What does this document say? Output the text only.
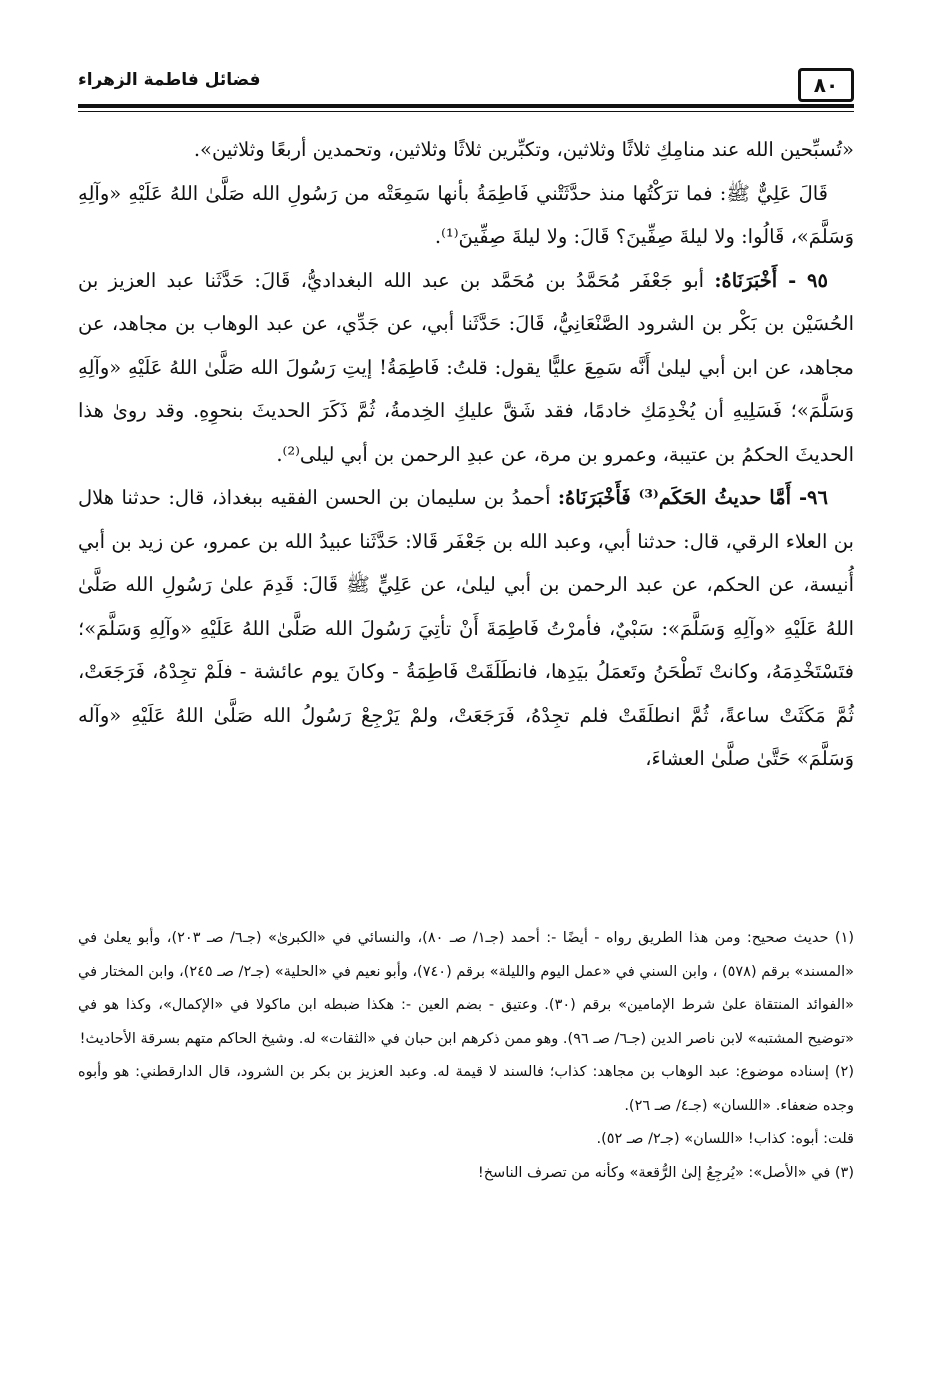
٨٠
فضائل فاطمة الزهراء

«تُسبِّحين الله عند منامِكِ ثلاثًا وثلاثين، وتكبِّرين ثلاثًا وثلاثين، وتحمدين أربعًا وثلاثين».

قَالَ عَلِيٌّ ﷺ: فما ترَكْتُها منذ حدَّثَتْني فَاطِمَةُ بأنها سَمِعَتْه من رَسُولِ الله صَلَّىٰ اللهُ عَلَيْهِ «وآلِهِ وَسَلَّمَ»، قَالُوا: ولا ليلةَ صِفِّينَ؟ قَالَ: ولا ليلةَ صِفِّينَ⁽¹⁾.

٩٥ - أَخْبَرَنَاهُ: أبو جَعْفَر مُحَمَّدُ بن مُحَمَّد بن عبد الله البغداديُّ، قَالَ: حَدَّثَنا عبد العزيز بن الحُسَيْن بن بَكْر بن الشرود الصَّنْعَانِيُّ، قَالَ: حَدَّثَنا أبي، عن جَدِّي، عن عبد الوهاب بن مجاهد، عن مجاهد، عن ابن أبي ليلىٰ أَنَّه سَمِعَ عليًّا يقول: قلتُ: فَاطِمَةُ! إيتِ رَسُولَ الله صَلَّىٰ اللهُ عَلَيْهِ «وآلِهِ وَسَلَّمَ»؛ فَسَلِيهِ أن يُخْدِمَكِ خادمًا، فقد شَقَّ عليكِ الخِدمةُ، ثُمَّ ذَكَرَ الحديثَ بنحوِهِ. وقد روىٰ هذا الحديثَ الحكمُ بن عتيبة، وعمرو بن مرة، عن عبدِ الرحمن بن أبي ليلى⁽²⁾.

٩٦- أَمَّا حديثُ الحَكَم⁽³⁾ فَأَخْبَرَنَاهُ: أحمدُ بن سليمان بن الحسن الفقيه ببغداذ، قال: حدثنا هلال بن العلاء الرقي، قال: حدثنا أبي، وعبد الله بن جَعْفَر قَالا: حَدَّثَنا عبيدُ الله بن عمرو، عن زيد بن أبي أُنيسة، عن الحكم، عن عبد الرحمن بن أبي ليلىٰ، عن عَلِيٍّ ﷺ قَالَ: قَدِمَ علىٰ رَسُولِ الله صَلَّىٰ اللهُ عَلَيْهِ «وآلِهِ وَسَلَّمَ»: سَبْيٌ، فأمرْتُ فَاطِمَةَ أَنْ تأتِيَ رَسُولَ الله صَلَّىٰ اللهُ عَلَيْهِ «وآلِهِ وَسَلَّمَ»؛ فتَسْتَخْدِمَهُ، وكانتْ تَطْحَنُ وتَعمَلُ بيَدِها، فانطَلَقَتْ فَاطِمَةُ - وكانَ يوم عائشة - فلَمْ تجِدْهُ، فَرَجَعَتْ، ثُمَّ مَكَثَتْ ساعةً، ثُمَّ انطلَقَتْ فلم تجِدْهُ، فَرَجَعَتْ، ولمْ يَرْجِعْ رَسُولُ الله صَلَّىٰ اللهُ عَلَيْهِ «وآله وَسَلَّمَ» حَتَّىٰ صلَّىٰ العشاءَ،

(١) حديث صحيح: ومن هذا الطريق رواه - أيضًا -: أحمد (جـ١/ صـ ٨٠)، والنسائي في «الكبرىٰ» (جـ٦/ صـ ٢٠٣)، وأبو يعلىٰ في «المسند» برقم (٥٧٨) ، وابن السني في «عمل اليوم والليلة» برقم (٧٤٠)، وأبو نعيم في «الحلية» (جـ٢/ صـ ٢٤٥)، وابن المختار في «الفوائد المنتقاة علىٰ شرط الإمامين» برقم (٣٠). وعتيق - بضم العين -: هكذا ضبطه ابن ماكولا في «الإكمال»، وكذا هو في «توضيح المشتبه» لابن ناصر الدين (جـ٦/ صـ ٩٦). وهو ممن ذكرهم ابن حبان في «الثقات» له. وشيخ الحاكم متهم بسرقة الأحاديث!

(٢) إسناده موضوع: عبد الوهاب بن مجاهد: كذاب؛ فالسند لا قيمة له. وعبد العزيز بن بكر بن الشرود، قال الدارقطني: هو وأبوه وجده ضعفاء. «اللسان» (جـ٤/ صـ ٢٦).

قلت: أبوه: كذاب! «اللسان» (جـ٢/ صـ ٥٢).

(٣) في «الأصل»: «يُرجِعُ إلىٰ الرُّقعة» وكأنه من تصرف الناسخ!
